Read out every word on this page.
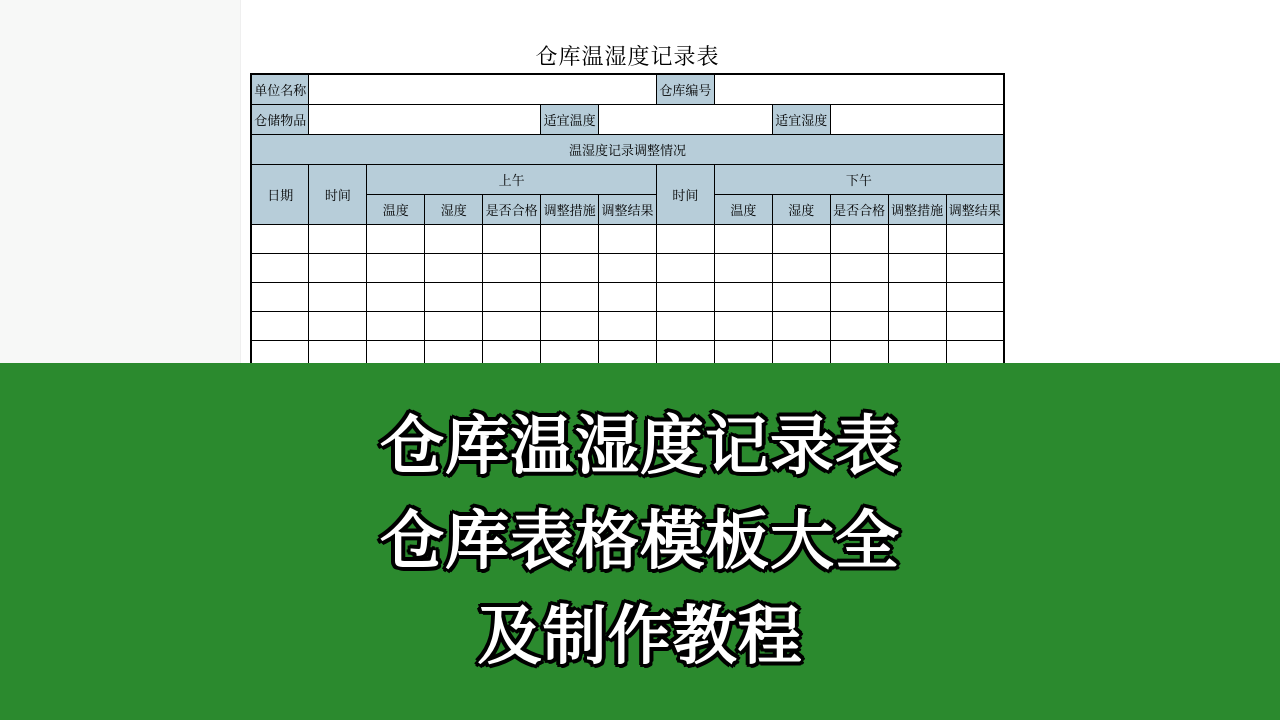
仓库温湿度记录表
单位名称							仓库编号					
仓储物品					适宜温度				适宜湿度			
温湿度记录调整情况												
日期	时间	上午					时间	下午				
		温度	湿度	是否合格	调整措施	调整结果		温度	湿度	是否合格	调整措施	调整结果

仓库温湿度记录表
仓库表格模板大全
及制作教程
